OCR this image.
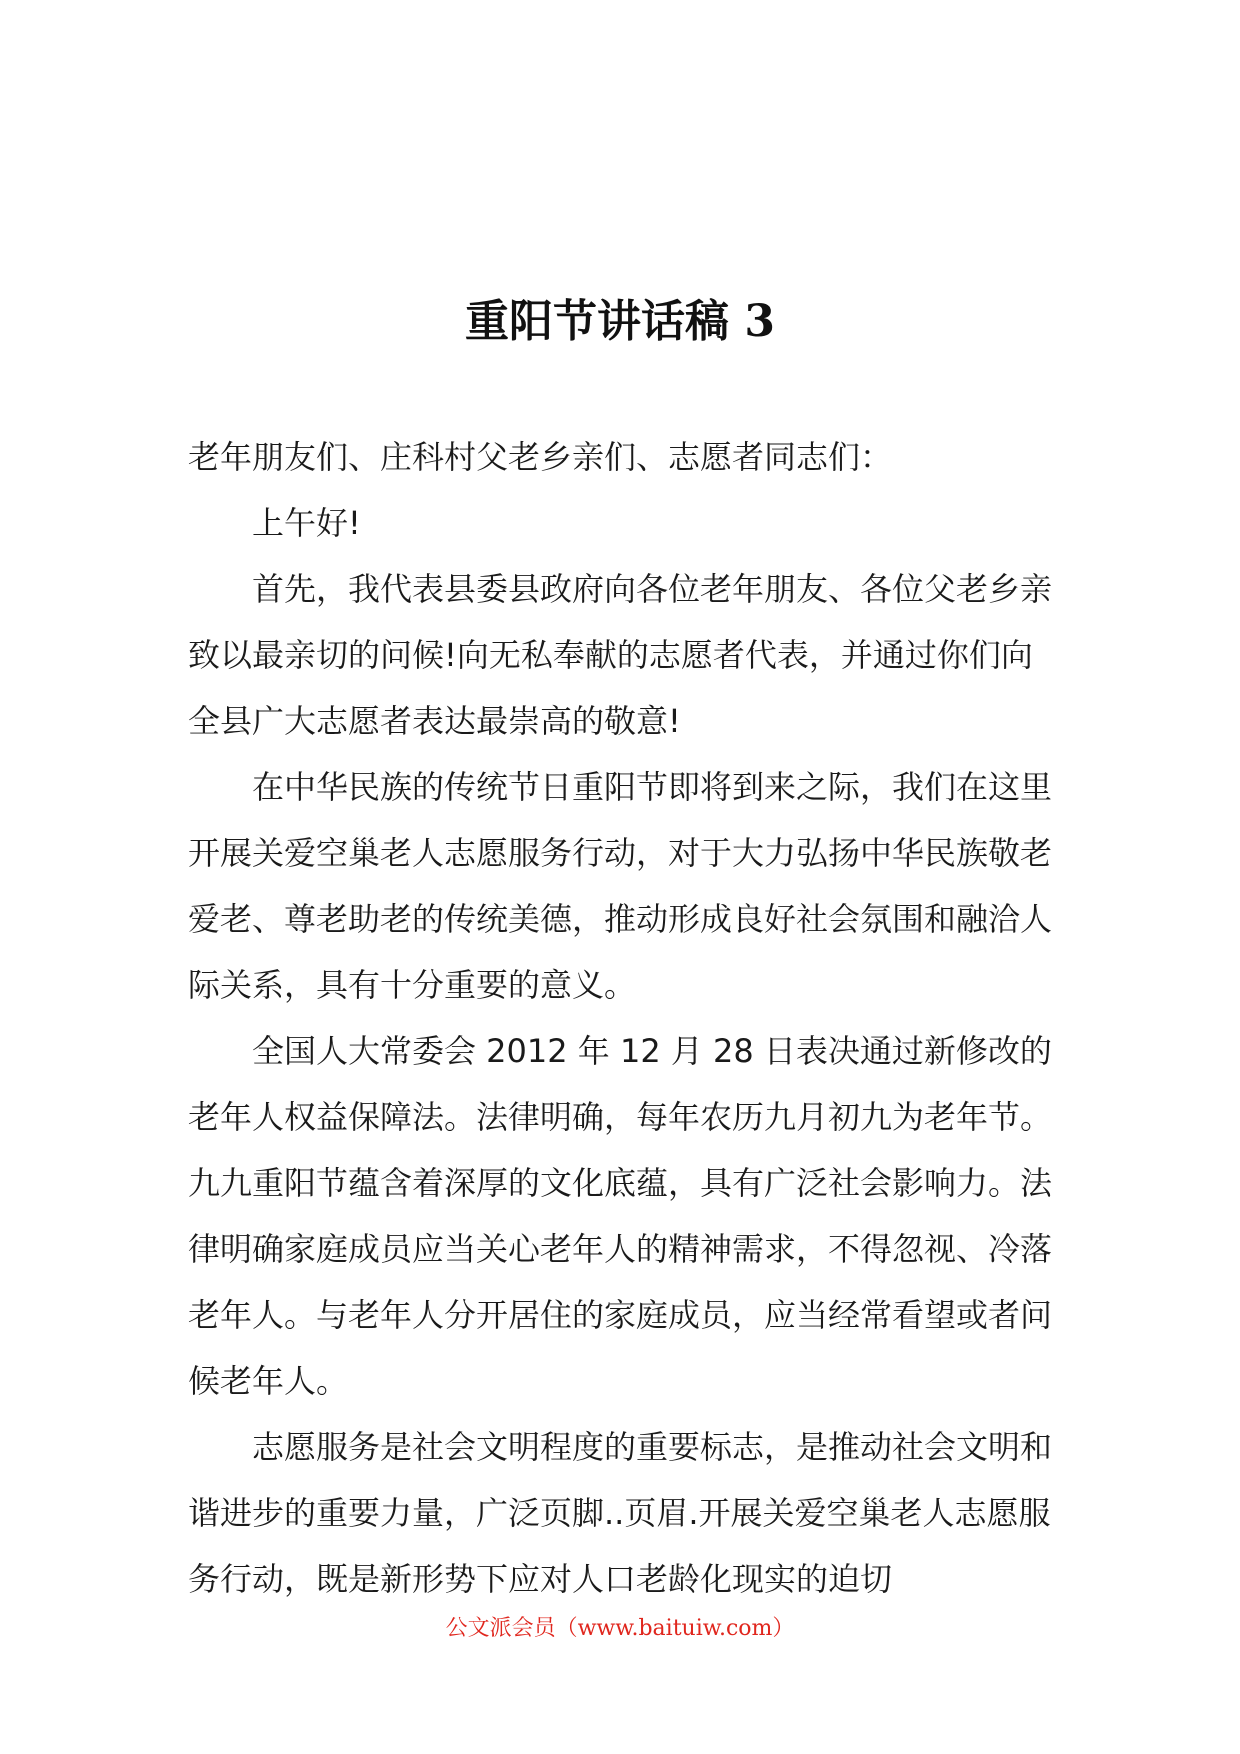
重阳节讲话稿 3

老年朋友们、庄科村父老乡亲们、志愿者同志们：

上午好!

首先，我代表县委县政府向各位老年朋友、各位父老乡亲致以最亲切的问候!向无私奉献的志愿者代表，并通过你们向全县广大志愿者表达最崇高的敬意!

在中华民族的传统节日重阳节即将到来之际，我们在这里开展关爱空巢老人志愿服务行动，对于大力弘扬中华民族敬老爱老、尊老助老的传统美德，推动形成良好社会氛围和融洽人际关系，具有十分重要的意义。

全国人大常委会 2012 年 12 月 28 日表决通过新修改的老年人权益保障法。法律明确，每年农历九月初九为老年节。九九重阳节蕴含着深厚的文化底蕴，具有广泛社会影响力。法律明确家庭成员应当关心老年人的精神需求，不得忽视、冷落老年人。与老年人分开居住的家庭成员，应当经常看望或者问候老年人。

志愿服务是社会文明程度的重要标志，是推动社会文明和谐进步的重要力量，广泛页脚..页眉.开展关爱空巢老人志愿服务行动，既是新形势下应对人口老龄化现实的迫切

公文派会员（www.baituiw.com）
